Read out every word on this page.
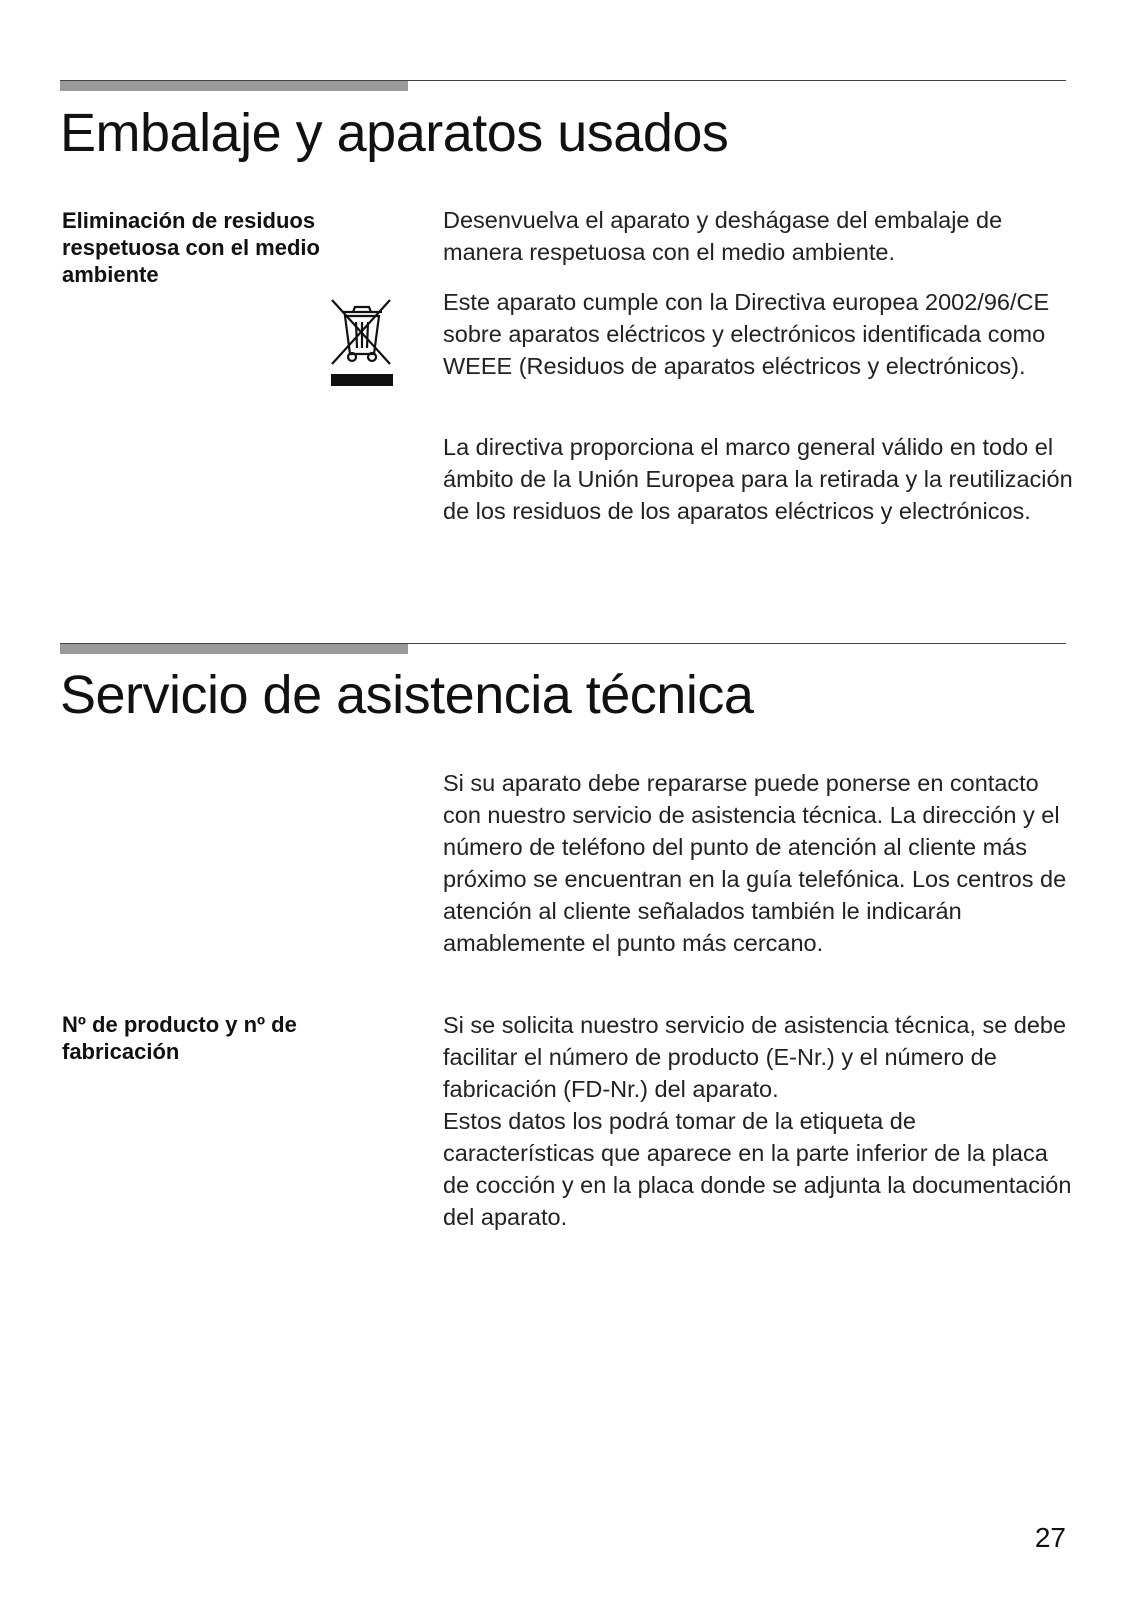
Embalaje y aparatos usados

Eliminación de residuos respetuosa con el medio ambiente

Desenvuelva el aparato y deshágase del embalaje de manera respetuosa con el medio ambiente.

Este aparato cumple con la Directiva europea 2002/96/CE sobre aparatos eléctricos y electrónicos identificada como WEEE (Residuos de aparatos eléctricos y electrónicos).

La directiva proporciona el marco general válido en todo el ámbito de la Unión Europea para la retirada y la reutilización de los residuos de los aparatos eléctricos y electrónicos.

Servicio de asistencia técnica

Si su aparato debe repararse puede ponerse en contacto con nuestro servicio de asistencia técnica. La dirección y el número de teléfono del punto de atención al cliente más próximo se encuentran en la guía telefónica. Los centros de atención al cliente señalados también le indicarán amablemente el punto más cercano.

Nº de producto y nº de fabricación

Si se solicita nuestro servicio de asistencia técnica, se debe facilitar el número de producto (E-Nr.) y el número de fabricación (FD-Nr.) del aparato.
Estos datos los podrá tomar de la etiqueta de características que aparece en la parte inferior de la placa de cocción y en la placa donde se adjunta la documentación del aparato.
27
